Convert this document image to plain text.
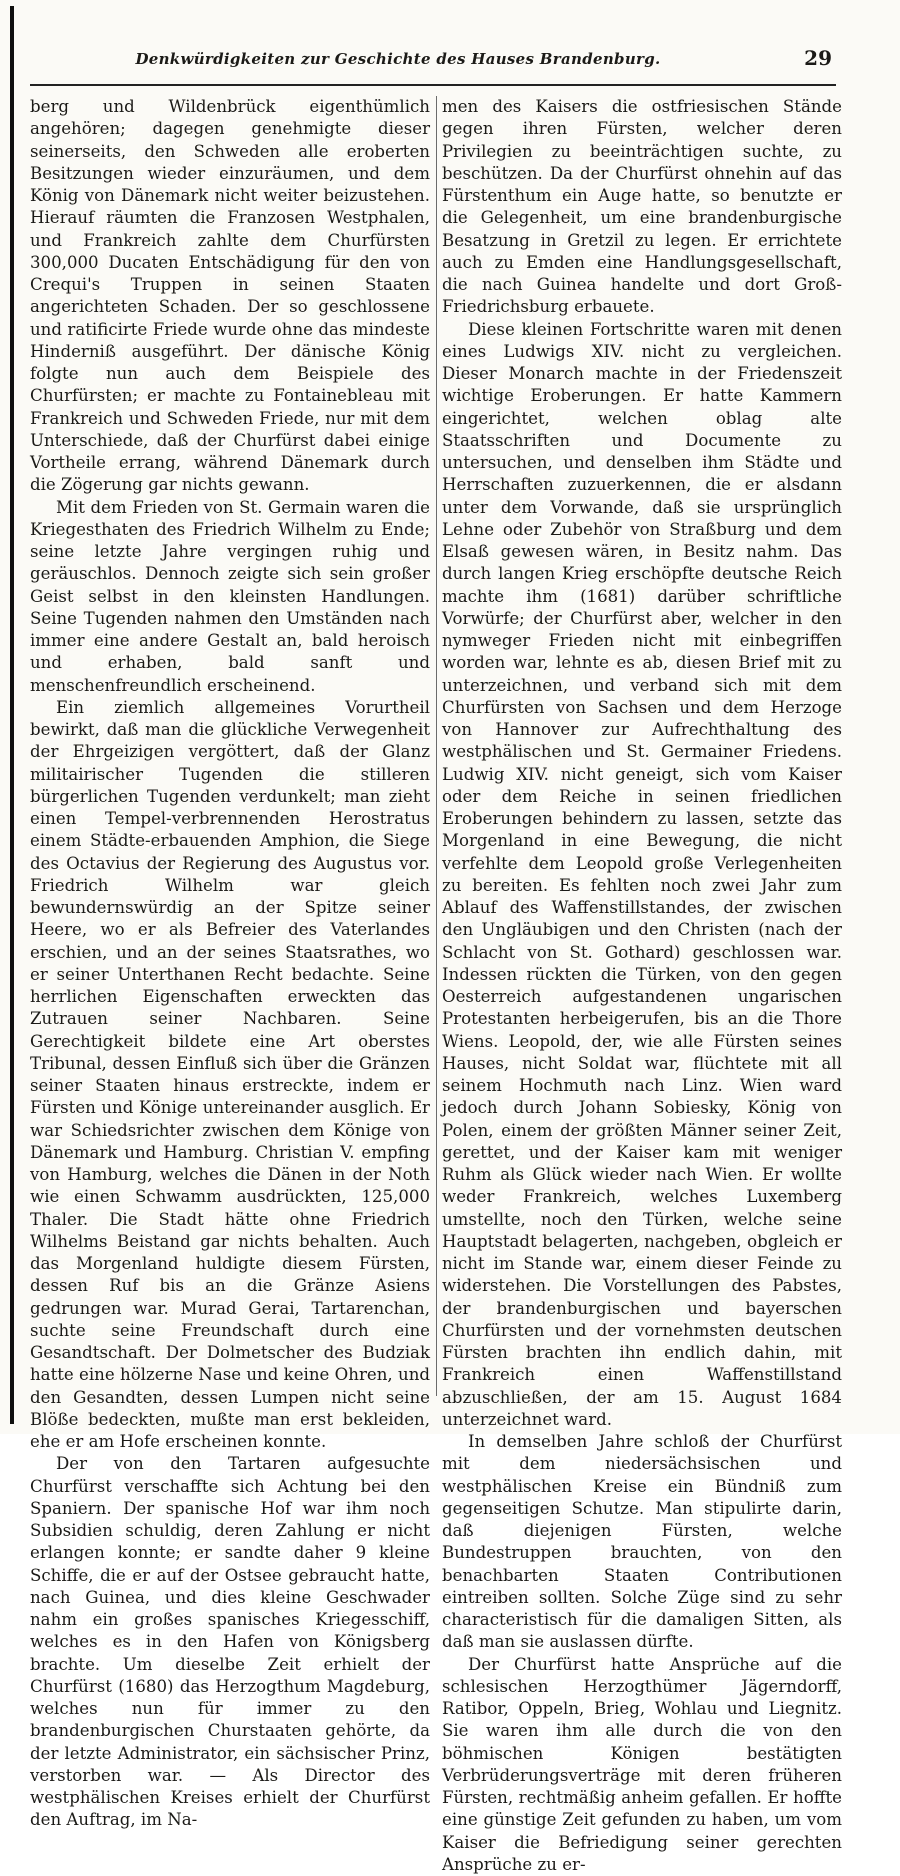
Denkwürdigkeiten zur Geschichte des Hauses Brandenburg.	29

berg und Wildenbrück eigenthümlich angehören; dagegen genehmigte dieser seinerseits, den Schweden alle eroberten Besitzungen wieder einzuräumen, und dem König von Dänemark nicht weiter beizustehen. Hierauf räumten die Franzosen Westphalen, und Frankreich zahlte dem Churfürsten 300,000 Ducaten Entschädigung für den von Crequi's Truppen in seinen Staaten angerichteten Schaden. Der so geschlossene und ratificirte Friede wurde ohne das mindeste Hinderniß ausgeführt. Der dänische König folgte nun auch dem Beispiele des Churfürsten; er machte zu Fontainebleau mit Frankreich und Schweden Friede, nur mit dem Unterschiede, daß der Churfürst dabei einige Vortheile errang, während Dänemark durch die Zögerung gar nichts gewann.

Mit dem Frieden von St. Germain waren die Kriegesthaten des Friedrich Wilhelm zu Ende; seine letzte Jahre vergingen ruhig und geräuschlos. Dennoch zeigte sich sein großer Geist selbst in den kleinsten Handlungen. Seine Tugenden nahmen den Umständen nach immer eine andere Gestalt an, bald heroisch und erhaben, bald sanft und menschenfreundlich erscheinend.

Ein ziemlich allgemeines Vorurtheil bewirkt, daß man die glückliche Verwegenheit der Ehrgeizigen vergöttert, daß der Glanz militairischer Tugenden die stilleren bürgerlichen Tugenden verdunkelt; man zieht einen Tempel-verbrennenden Herostratus einem Städte-erbauenden Amphion, die Siege des Octavius der Regierung des Augustus vor. Friedrich Wilhelm war gleich bewundernswürdig an der Spitze seiner Heere, wo er als Befreier des Vaterlandes erschien, und an der seines Staatsrathes, wo er seiner Unterthanen Recht bedachte. Seine herrlichen Eigenschaften erweckten das Zutrauen seiner Nachbaren. Seine Gerechtigkeit bildete eine Art oberstes Tribunal, dessen Einfluß sich über die Gränzen seiner Staaten hinaus erstreckte, indem er Fürsten und Könige untereinander ausglich. Er war Schiedsrichter zwischen dem Könige von Dänemark und Hamburg. Christian V. empfing von Hamburg, welches die Dänen in der Noth wie einen Schwamm ausdrückten, 125,000 Thaler. Die Stadt hätte ohne Friedrich Wilhelms Beistand gar nichts behalten. Auch das Morgenland huldigte diesem Fürsten, dessen Ruf bis an die Gränze Asiens gedrungen war. Murad Gerai, Tartarenchan, suchte seine Freundschaft durch eine Gesandtschaft. Der Dolmetscher des Budziak hatte eine hölzerne Nase und keine Ohren, und den Gesandten, dessen Lumpen nicht seine Blöße bedeckten, mußte man erst bekleiden, ehe er am Hofe erscheinen konnte.

Der von den Tartaren aufgesuchte Churfürst verschaffte sich Achtung bei den Spaniern. Der spanische Hof war ihm noch Subsidien schuldig, deren Zahlung er nicht erlangen konnte; er sandte daher 9 kleine Schiffe, die er auf der Ostsee gebraucht hatte, nach Guinea, und dies kleine Geschwader nahm ein großes spanisches Kriegesschiff, welches es in den Hafen von Königsberg brachte. Um dieselbe Zeit erhielt der Churfürst (1680) das Herzogthum Magdeburg, welches nun für immer zu den brandenburgischen Churstaaten gehörte, da der letzte Administrator, ein sächsischer Prinz, verstorben war. — Als Director des westphälischen Kreises erhielt der Churfürst den Auftrag, im Na-

men des Kaisers die ostfriesischen Stände gegen ihren Fürsten, welcher deren Privilegien zu beeinträchtigen suchte, zu beschützen. Da der Churfürst ohnehin auf das Fürstenthum ein Auge hatte, so benutzte er die Gelegenheit, um eine brandenburgische Besatzung in Gretzil zu legen. Er errichtete auch zu Emden eine Handlungsgesellschaft, die nach Guinea handelte und dort Groß-Friedrichsburg erbauete.

Diese kleinen Fortschritte waren mit denen eines Ludwigs XIV. nicht zu vergleichen. Dieser Monarch machte in der Friedenszeit wichtige Eroberungen. Er hatte Kammern eingerichtet, welchen oblag alte Staatsschriften und Documente zu untersuchen, und denselben ihm Städte und Herrschaften zuzuerkennen, die er alsdann unter dem Vorwande, daß sie ursprünglich Lehne oder Zubehör von Straßburg und dem Elsaß gewesen wären, in Besitz nahm. Das durch langen Krieg erschöpfte deutsche Reich machte ihm (1681) darüber schriftliche Vorwürfe; der Churfürst aber, welcher in den nymweger Frieden nicht mit einbegriffen worden war, lehnte es ab, diesen Brief mit zu unterzeichnen, und verband sich mit dem Churfürsten von Sachsen und dem Herzoge von Hannover zur Aufrechthaltung des westphälischen und St. Germainer Friedens. Ludwig XIV. nicht geneigt, sich vom Kaiser oder dem Reiche in seinen friedlichen Eroberungen behindern zu lassen, setzte das Morgenland in eine Bewegung, die nicht verfehlte dem Leopold große Verlegenheiten zu bereiten. Es fehlten noch zwei Jahr zum Ablauf des Waffenstillstandes, der zwischen den Ungläubigen und den Christen (nach der Schlacht von St. Gothard) geschlossen war. Indessen rückten die Türken, von den gegen Oesterreich aufgestandenen ungarischen Protestanten herbeigerufen, bis an die Thore Wiens. Leopold, der, wie alle Fürsten seines Hauses, nicht Soldat war, flüchtete mit all seinem Hochmuth nach Linz. Wien ward jedoch durch Johann Sobiesky, König von Polen, einem der größten Männer seiner Zeit, gerettet, und der Kaiser kam mit weniger Ruhm als Glück wieder nach Wien. Er wollte weder Frankreich, welches Luxemberg umstellte, noch den Türken, welche seine Hauptstadt belagerten, nachgeben, obgleich er nicht im Stande war, einem dieser Feinde zu widerstehen. Die Vorstellungen des Pabstes, der brandenburgischen und bayerschen Churfürsten und der vornehmsten deutschen Fürsten brachten ihn endlich dahin, mit Frankreich einen Waffenstillstand abzuschließen, der am 15. August 1684 unterzeichnet ward.

In demselben Jahre schloß der Churfürst mit dem niedersächsischen und westphälischen Kreise ein Bündniß zum gegenseitigen Schutze. Man stipulirte darin, daß diejenigen Fürsten, welche Bundestruppen brauchten, von den benachbarten Staaten Contributionen eintreiben sollten. Solche Züge sind zu sehr characteristisch für die damaligen Sitten, als daß man sie auslassen dürfte.

Der Churfürst hatte Ansprüche auf die schlesischen Herzogthümer Jägerndorff, Ratibor, Oppeln, Brieg, Wohlau und Liegnitz. Sie waren ihm alle durch die von den böhmischen Königen bestätigten Verbrüderungsverträge mit deren früheren Fürsten, rechtmäßig anheim gefallen. Er hoffte eine günstige Zeit gefunden zu haben, um vom Kaiser die Befriedigung seiner gerechten Ansprüche zu er-
